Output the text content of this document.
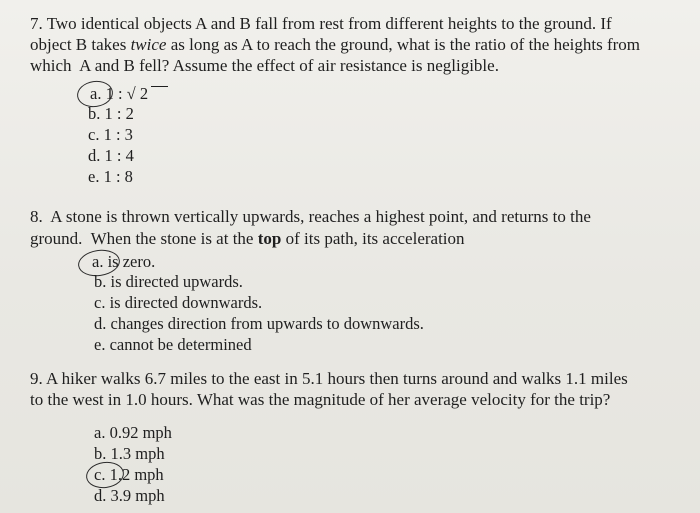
7. Two identical objects A and B fall from rest from different heights to the ground. If
object B takes twice as long as A to reach the ground, what is the ratio of the heights from
which  A and B fell? Assume the effect of air resistance is negligible.
a. 1 : √ 2
b. 1 : 2
c. 1 : 3
d. 1 : 4
e. 1 : 8
8.  A stone is thrown vertically upwards, reaches a highest point, and returns to the
ground.  When the stone is at the top of its path, its acceleration
a. is zero.
b. is directed upwards.
c. is directed downwards.
d. changes direction from upwards to downwards.
e. cannot be determined
9. A hiker walks 6.7 miles to the east in 5.1 hours then turns around and walks 1.1 miles
to the west in 1.0 hours. What was the magnitude of her average velocity for the trip?
a. 0.92 mph
b. 1.3 mph
c. 1.2 mph
d. 3.9 mph
